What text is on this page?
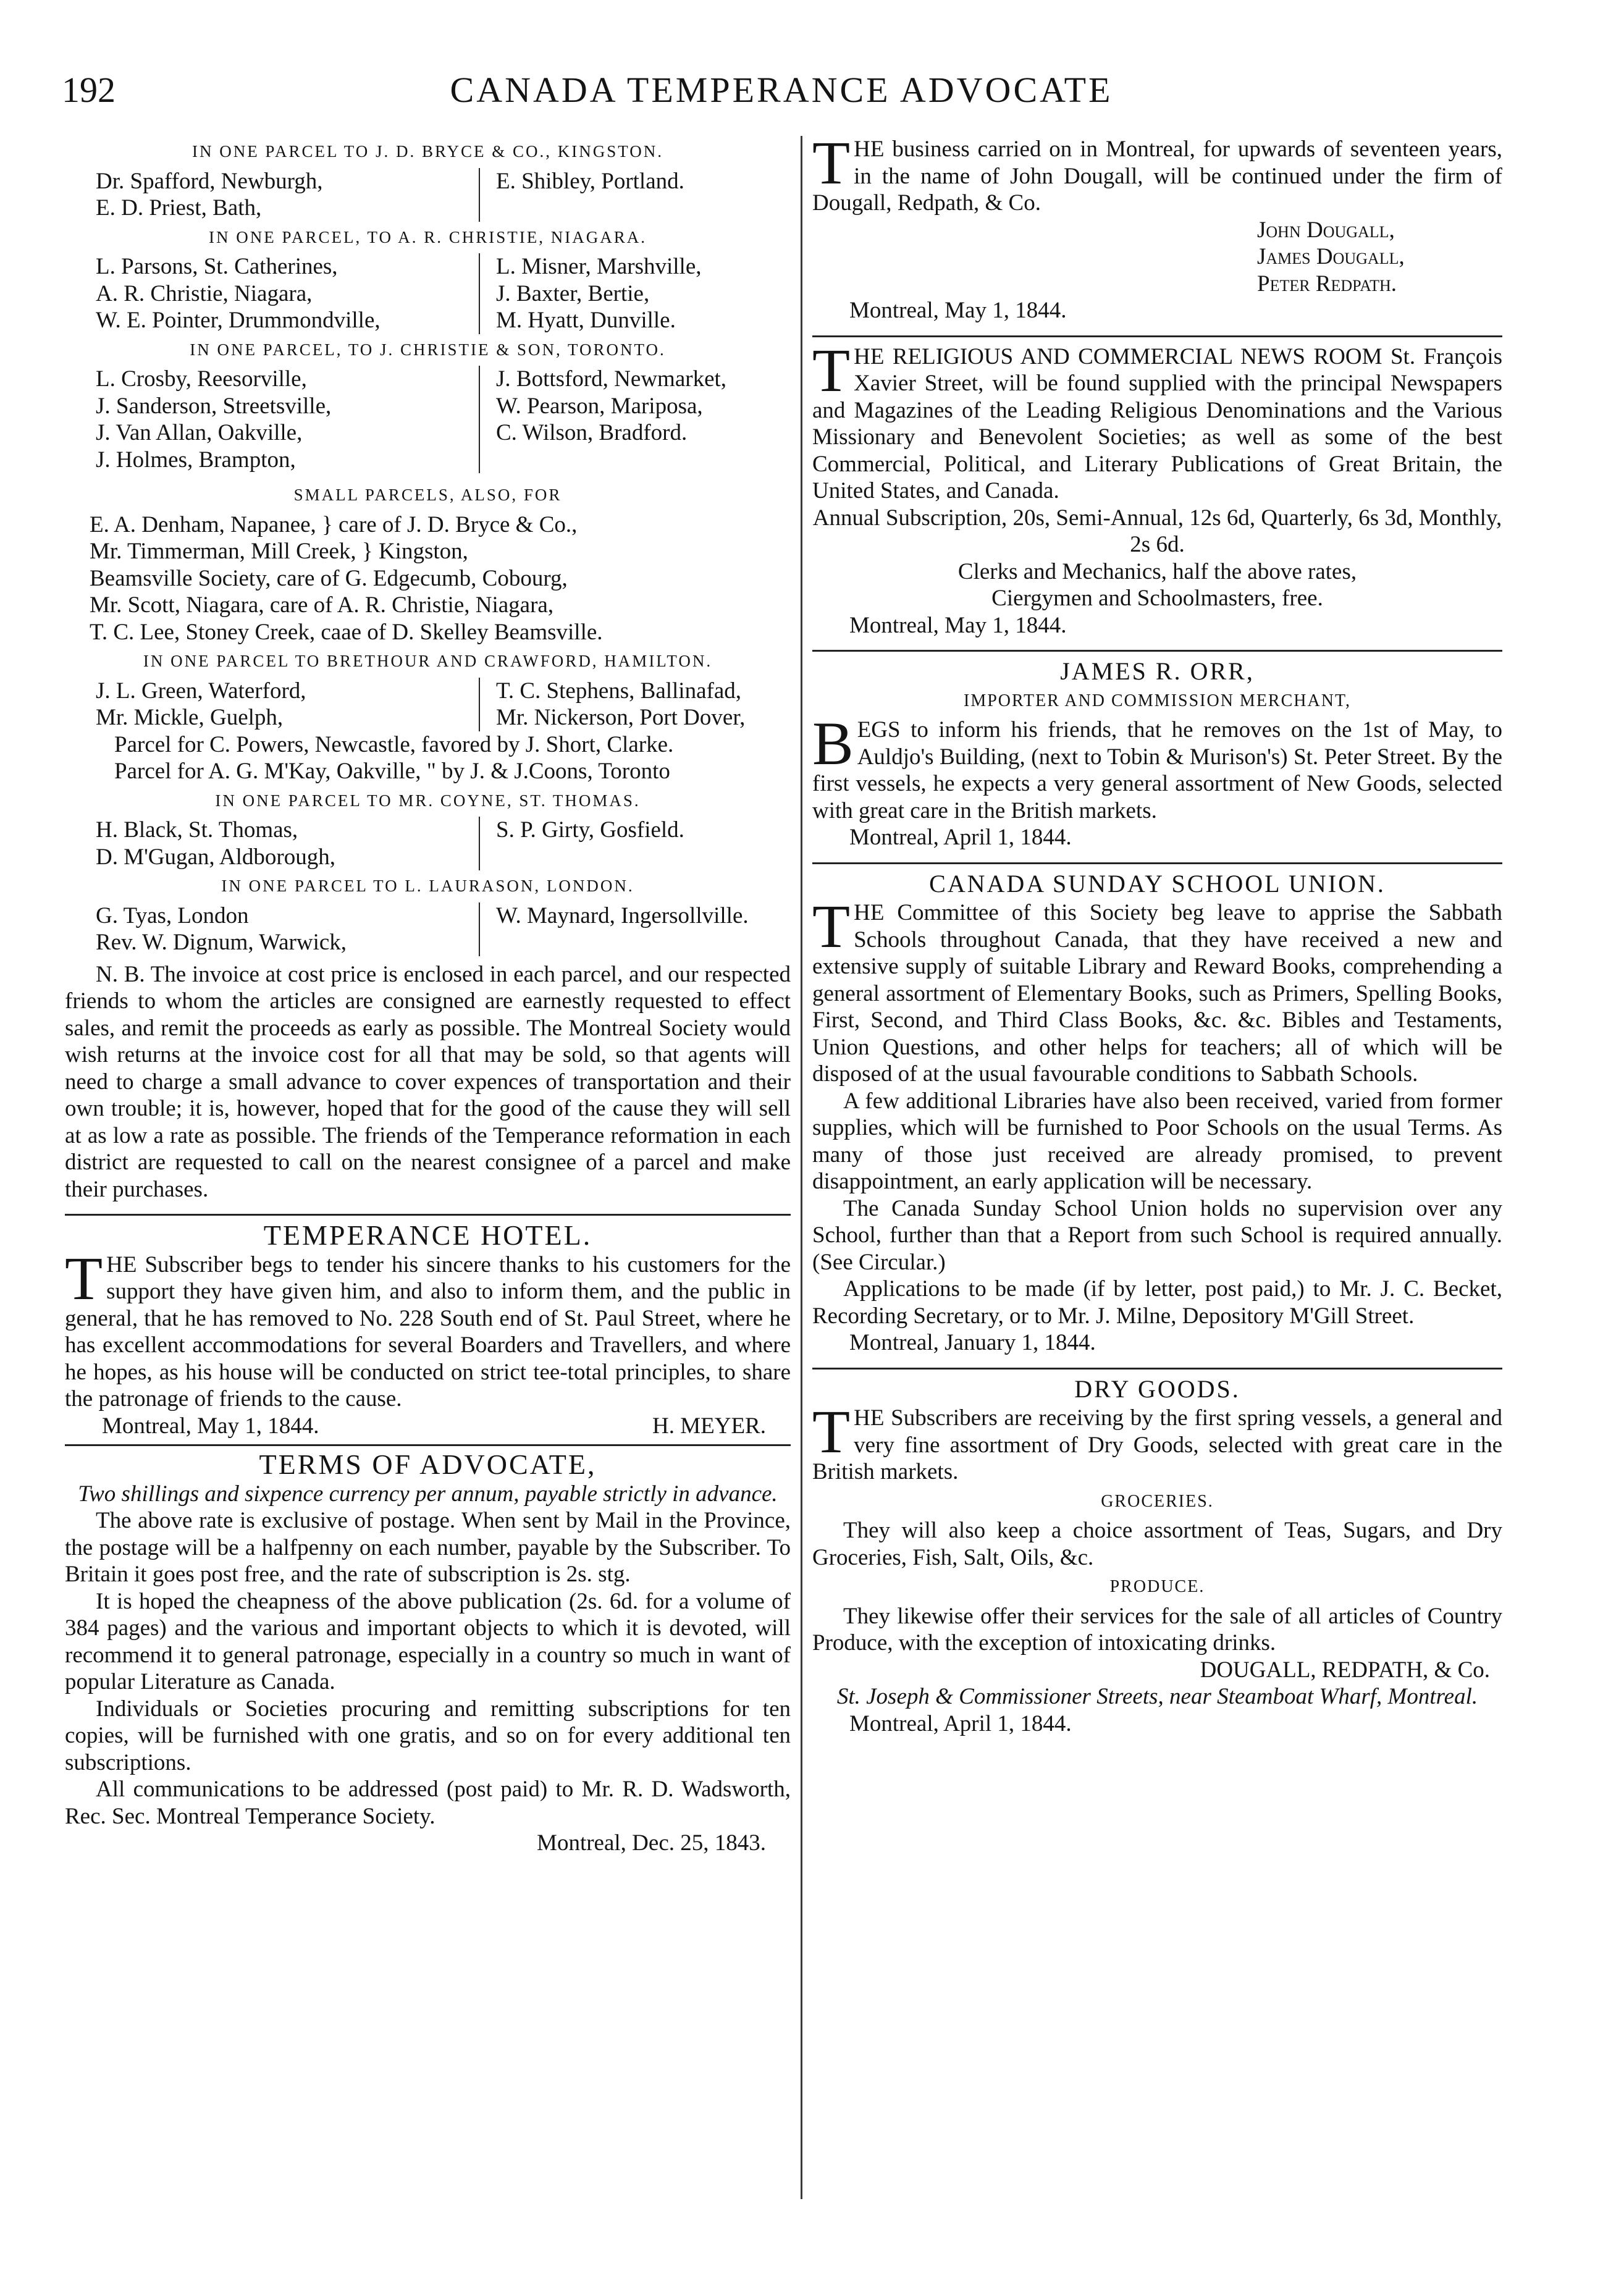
192	CANADA TEMPERANCE ADVOCATE
IN ONE PARCEL TO J. D. BRYCE & CO., KINGSTON.
Dr. Spafford, Newburgh,
E. D. Priest, Bath,
E. Shibley, Portland.

IN ONE PARCEL, TO A. R. CHRISTIE, NIAGARA.
L. Parsons, St. Catherines,
A. R. Christie, Niagara,
W. E. Pointer, Drummondville,
L. Misner, Marshville,
J. Baxter, Bertie,
M. Hyatt, Dunville.
IN ONE PARCEL, TO J. CHRISTIE & SON, TORONTO.
L. Crosby, Reesorville,
J. Sanderson, Streetsville,
J. Van Allan, Oakville,
J. Holmes, Brampton,
J. Bottsford, Newmarket,
W. Pearson, Mariposa,
C. Wilson, Bradford.

SMALL PARCELS, ALSO, FOR
E. A. Denham, Napanee, } care of J. D. Bryce & Co.,
Mr. Timmerman, Mill Creek, } Kingston,
Beamsville Society, care of G. Edgecumb, Cobourg,
Mr. Scott, Niagara, care of A. R. Christie, Niagara,
T. C. Lee, Stoney Creek, caae of D. Skelley Beamsville.
IN ONE PARCEL TO BRETHOUR AND CRAWFORD, HAMILTON.
J. L. Green, Waterford,
Mr. Mickle, Guelph,
T. C. Stephens, Ballinafad,
Mr. Nickerson, Port Dover,
Parcel for C. Powers, Newcastle, favored by J. Short, Clarke.
Parcel for A. G. M'Kay, Oakville, " by J. & J.Coons, Toronto
IN ONE PARCEL TO MR. COYNE, ST. THOMAS.
H. Black, St. Thomas,
D. M'Gugan, Aldborough,
S. P. Girty, Gosfield.

IN ONE PARCEL TO L. LAURASON, LONDON.
G. Tyas, London
Rev. W. Dignum, Warwick,
W. Maynard, Ingersollville.

N. B. The invoice at cost price is enclosed in each parcel, and our respected friends to whom the articles are consigned are earnestly requested to effect sales, and remit the proceeds as early as possible. The Montreal Society would wish returns at the invoice cost for all that may be sold, so that agents will need to charge a small advance to cover expences of transportation and their own trouble; it is, however, hoped that for the good of the cause they will sell at as low a rate as possible. The friends of the Temperance reformation in each district are requested to call on the nearest consignee of a parcel and make their purchases.

TEMPERANCE HOTEL.

THE Subscriber begs to tender his sincere thanks to his customers for the support they have given him, and also to inform them, and the public in general, that he has removed to No. 228 South end of St. Paul Street, where he has excellent accommodations for several Boarders and Travellers, and where he hopes, as his house will be conducted on strict tee-total principles, to share the patronage of friends to the cause.

Montreal, May 1, 1844.	H. MEYER.
TERMS OF ADVOCATE,
Two shillings and sixpence currency per annum, payable strictly in advance.

The above rate is exclusive of postage. When sent by Mail in the Province, the postage will be a halfpenny on each number, payable by the Subscriber. To Britain it goes post free, and the rate of subscription is 2s. stg.

It is hoped the cheapness of the above publication (2s. 6d. for a volume of 384 pages) and the various and important objects to which it is devoted, will recommend it to general patronage, especially in a country so much in want of popular Literature as Canada.

Individuals or Societies procuring and remitting subscriptions for ten copies, will be furnished with one gratis, and so on for every additional ten subscriptions.

All communications to be addressed (post paid) to Mr. R. D. Wadsworth, Rec. Sec. Montreal Temperance Society.

Montreal, Dec. 25, 1843.

THE business carried on in Montreal, for upwards of seventeen years, in the name of John Dougall, will be continued under the firm of Dougall, Redpath, & Co.

John Dougall,
James Dougall,
Peter Redpath.
Montreal, May 1, 1844.

THE RELIGIOUS AND COMMERCIAL NEWS ROOM St. François Xavier Street, will be found supplied with the principal Newspapers and Magazines of the Leading Religious Denominations and the Various Missionary and Benevolent Societies; as well as some of the best Commercial, Political, and Literary Publications of Great Britain, the United States, and Canada.

Annual Subscription, 20s, Semi-Annual, 12s 6d, Quarterly, 6s 3d, Monthly, 2s 6d.

Clerks and Mechanics, half the above rates,
Ciergymen and Schoolmasters, free.
Montreal, May 1, 1844.
JAMES R. ORR,
IMPORTER AND COMMISSION MERCHANT,

BEGS to inform his friends, that he removes on the 1st of May, to Auldjo's Building, (next to Tobin & Murison's) St. Peter Street. By the first vessels, he expects a very general assortment of New Goods, selected with great care in the British markets.

Montreal, April 1, 1844.
CANADA SUNDAY SCHOOL UNION.

THE Committee of this Society beg leave to apprise the Sabbath Schools throughout Canada, that they have received a new and extensive supply of suitable Library and Reward Books, comprehending a general assortment of Elementary Books, such as Primers, Spelling Books, First, Second, and Third Class Books, &c. &c. Bibles and Testaments, Union Questions, and other helps for teachers; all of which will be disposed of at the usual favourable conditions to Sabbath Schools.

A few additional Libraries have also been received, varied from former supplies, which will be furnished to Poor Schools on the usual Terms. As many of those just received are already promised, to prevent disappointment, an early application will be necessary.

The Canada Sunday School Union holds no supervision over any School, further than that a Report from such School is required annually. (See Circular.)

Applications to be made (if by letter, post paid,) to Mr. J. C. Becket, Recording Secretary, or to Mr. J. Milne, Depository M'Gill Street.

Montreal, January 1, 1844.
DRY GOODS.

THE Subscribers are receiving by the first spring vessels, a general and very fine assortment of Dry Goods, selected with great care in the British markets.

GROCERIES.

They will also keep a choice assortment of Teas, Sugars, and Dry Groceries, Fish, Salt, Oils, &c.

PRODUCE.

They likewise offer their services for the sale of all articles of Country Produce, with the exception of intoxicating drinks.

DOUGALL, REDPATH, & Co.
St. Joseph & Commissioner Streets, near Steamboat Wharf, Montreal.
Montreal, April 1, 1844.
